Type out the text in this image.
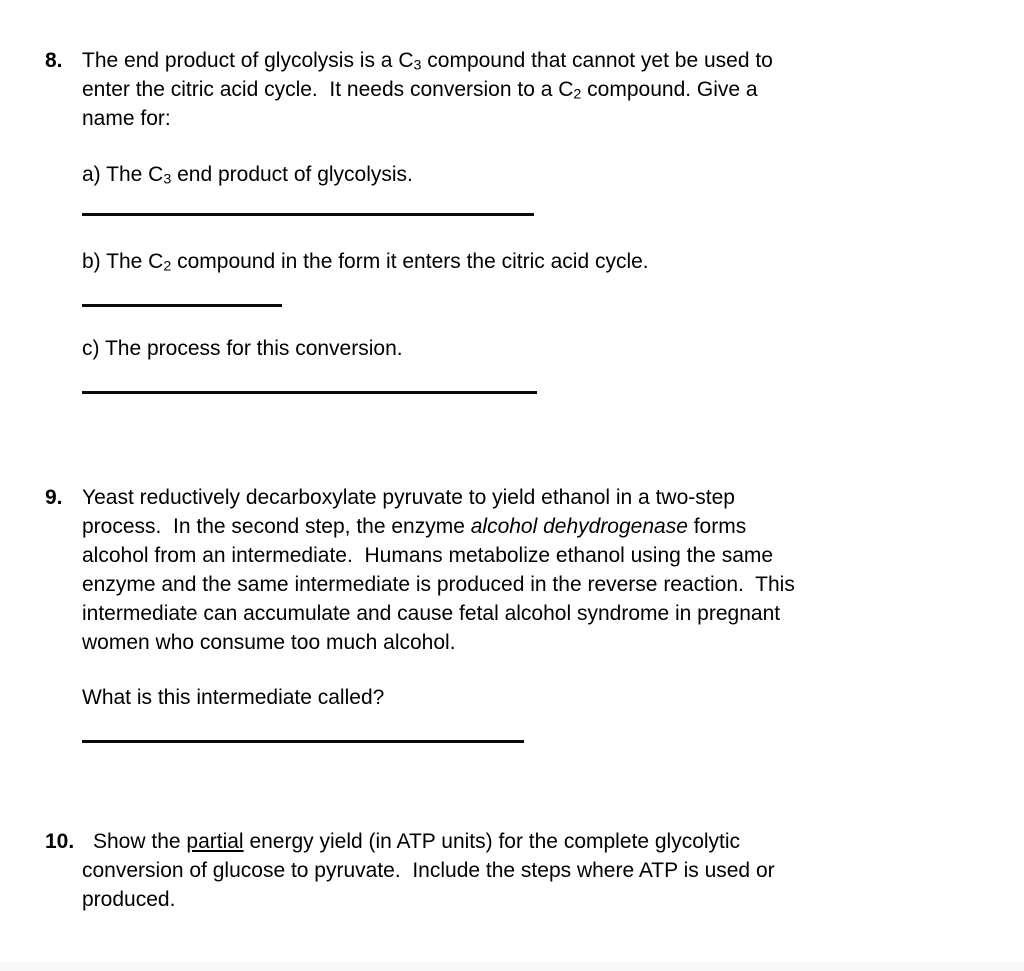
8. The end product of glycolysis is a $C_3$ compound that cannot yet be used to
enter the citric acid cycle.  It needs conversion to a $C_2$ compound. Give a
name for:
a) The $C_3$ end product of glycolysis.
b) The $C_2$ compound in the form it enters the citric acid cycle.
c) The process for this conversion.
9. Yeast reductively decarboxylate pyruvate to yield ethanol in a two-step
process.  In the second step, the enzyme alcohol dehydrogenase forms
alcohol from an intermediate.  Humans metabolize ethanol using the same
enzyme and the same intermediate is produced in the reverse reaction.  This
intermediate can accumulate and cause fetal alcohol syndrome in pregnant
women who consume too much alcohol.
What is this intermediate called?
10. Show the partial energy yield (in ATP units) for the complete glycolytic
conversion of glucose to pyruvate.  Include the steps where ATP is used or
produced.
